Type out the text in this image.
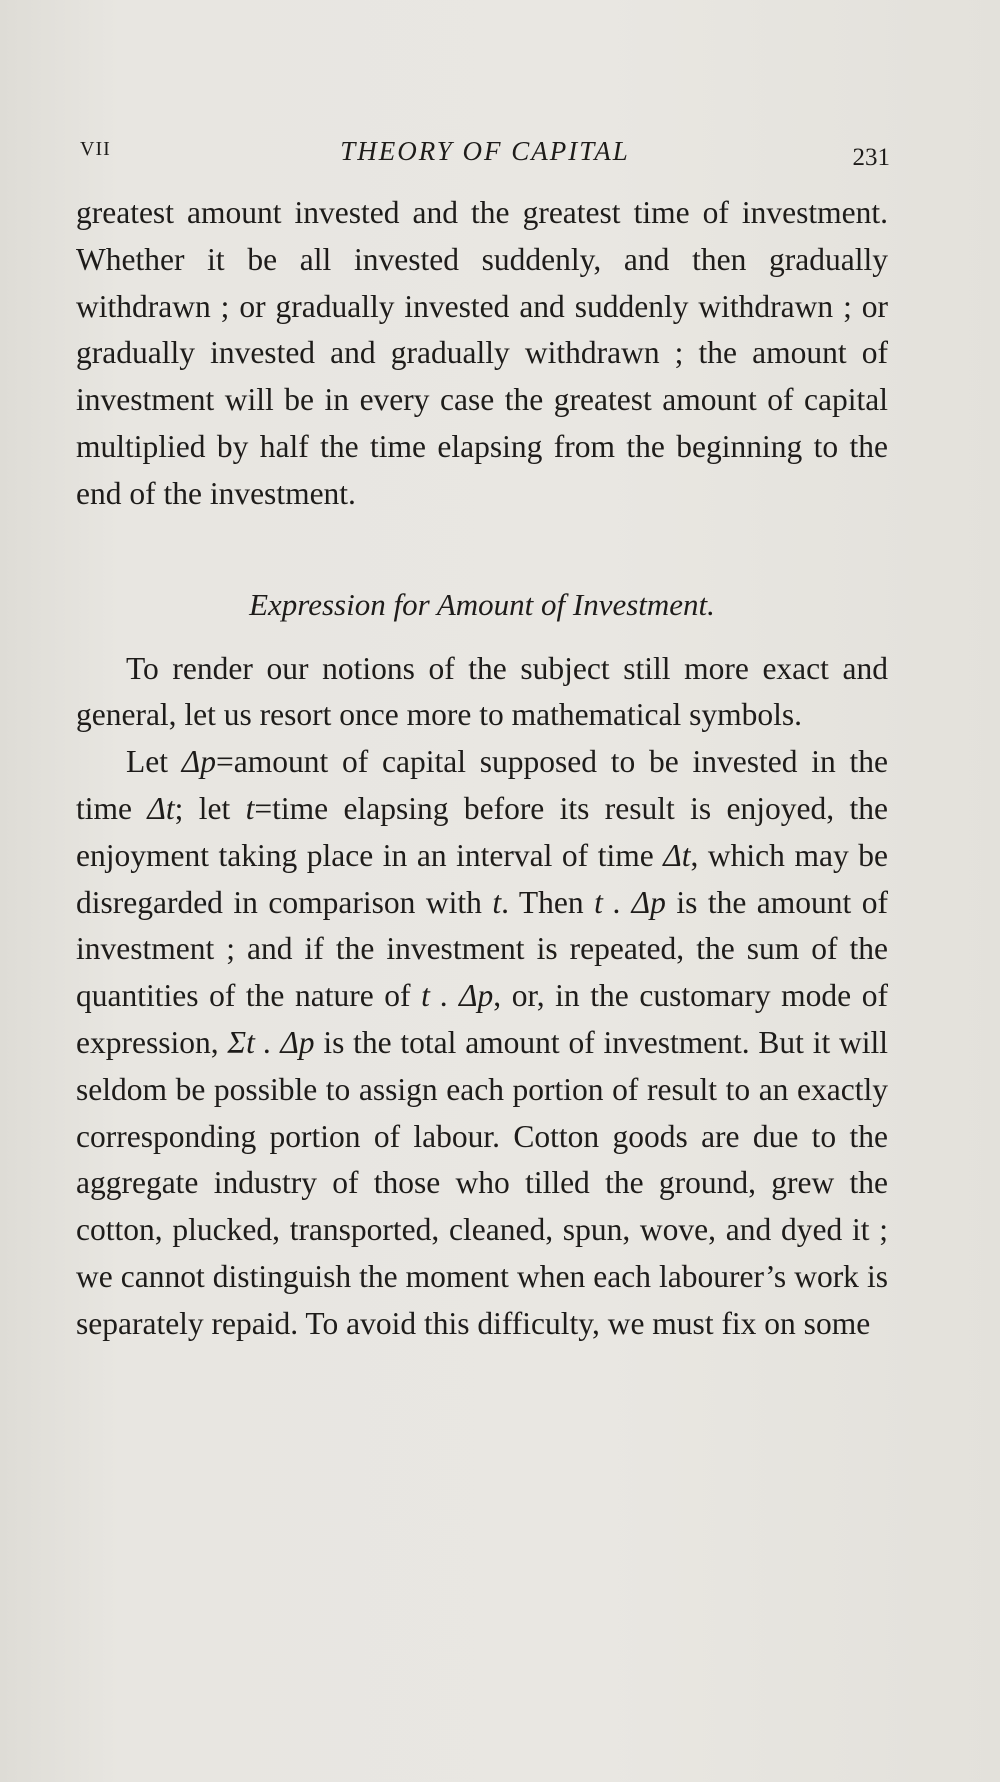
VII	THEORY OF CAPITAL	231

greatest amount invested and the greatest time of investment. Whether it be all invested suddenly, and then gradually withdrawn ; or gradually invested and suddenly withdrawn ; or gradually invested and gradually withdrawn ; the amount of investment will be in every case the greatest amount of capital multiplied by half the time elapsing from the beginning to the end of the investment.

Expression for Amount of Investment.

To render our notions of the subject still more exact and general, let us resort once more to mathematical symbols.

Let Δp=amount of capital supposed to be invested in the time Δt; let t=time elapsing before its result is enjoyed, the enjoyment taking place in an interval of time Δt, which may be disregarded in comparison with t. Then t . Δp is the amount of investment ; and if the investment is repeated, the sum of the quantities of the nature of t . Δp, or, in the customary mode of expression, Σt . Δp is the total amount of investment. But it will seldom be possible to assign each portion of result to an exactly corresponding portion of labour. Cotton goods are due to the aggregate industry of those who tilled the ground, grew the cotton, plucked, transported, cleaned, spun, wove, and dyed it ; we cannot distinguish the moment when each labourer’s work is separately repaid. To avoid this difficulty, we must fix on some
